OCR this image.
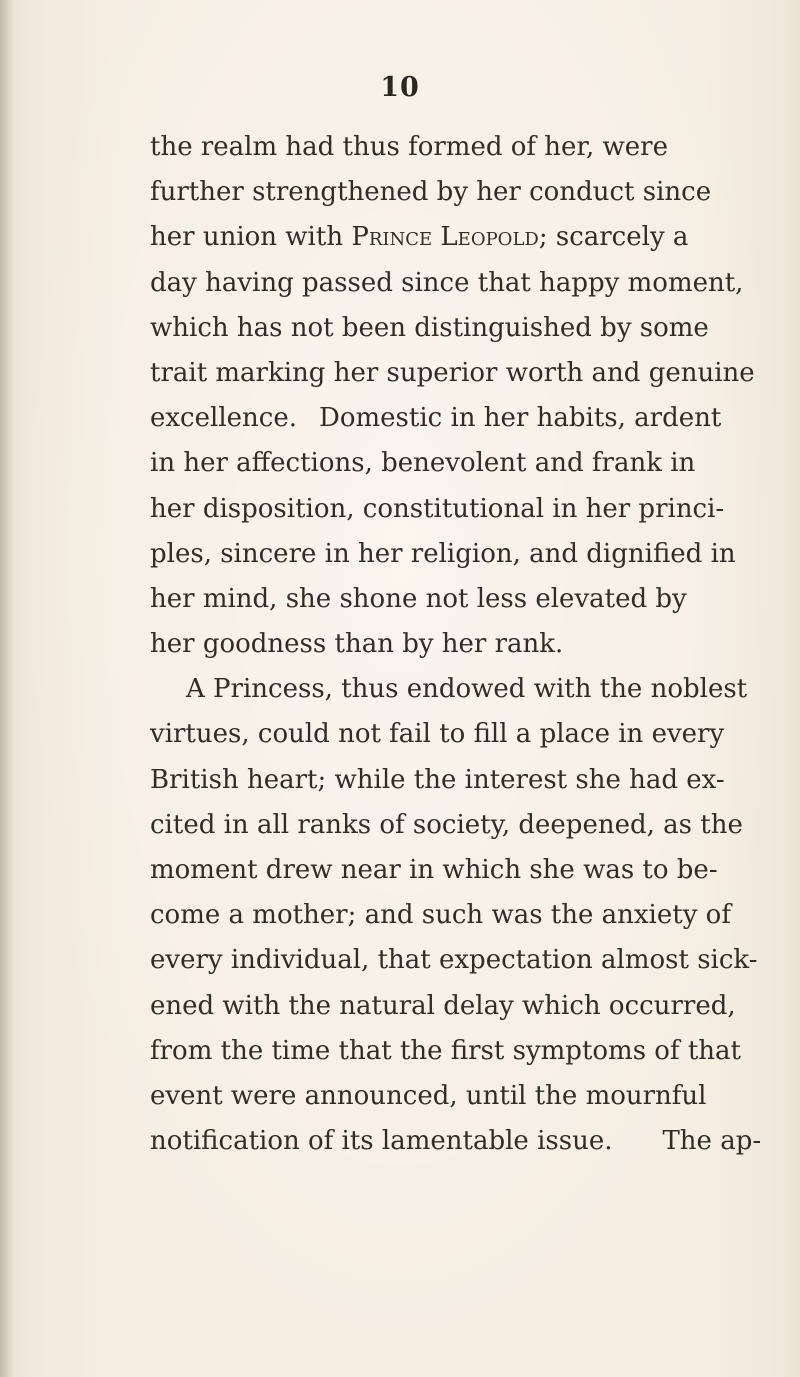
10
the realm had thus formed of her, were
further strengthened by her conduct since
her union with Prince Leopold; scarcely a
day having passed since that happy moment,
which has not been distinguished by some
trait marking her superior worth and genuine
excellence. Domestic in her habits, ardent
in her affections, benevolent and frank in
her disposition, constitutional in her princi-
ples, sincere in her religion, and dignified in
her mind, she shone not less elevated by
her goodness than by her rank.
A Princess, thus endowed with the noblest
virtues, could not fail to fill a place in every
British heart; while the interest she had ex-
cited in all ranks of society, deepened, as the
moment drew near in which she was to be-
come a mother; and such was the anxiety of
every individual, that expectation almost sick-
ened with the natural delay which occurred,
from the time that the first symptoms of that
event were announced, until the mournful
notification of its lamentable issue. The ap-
